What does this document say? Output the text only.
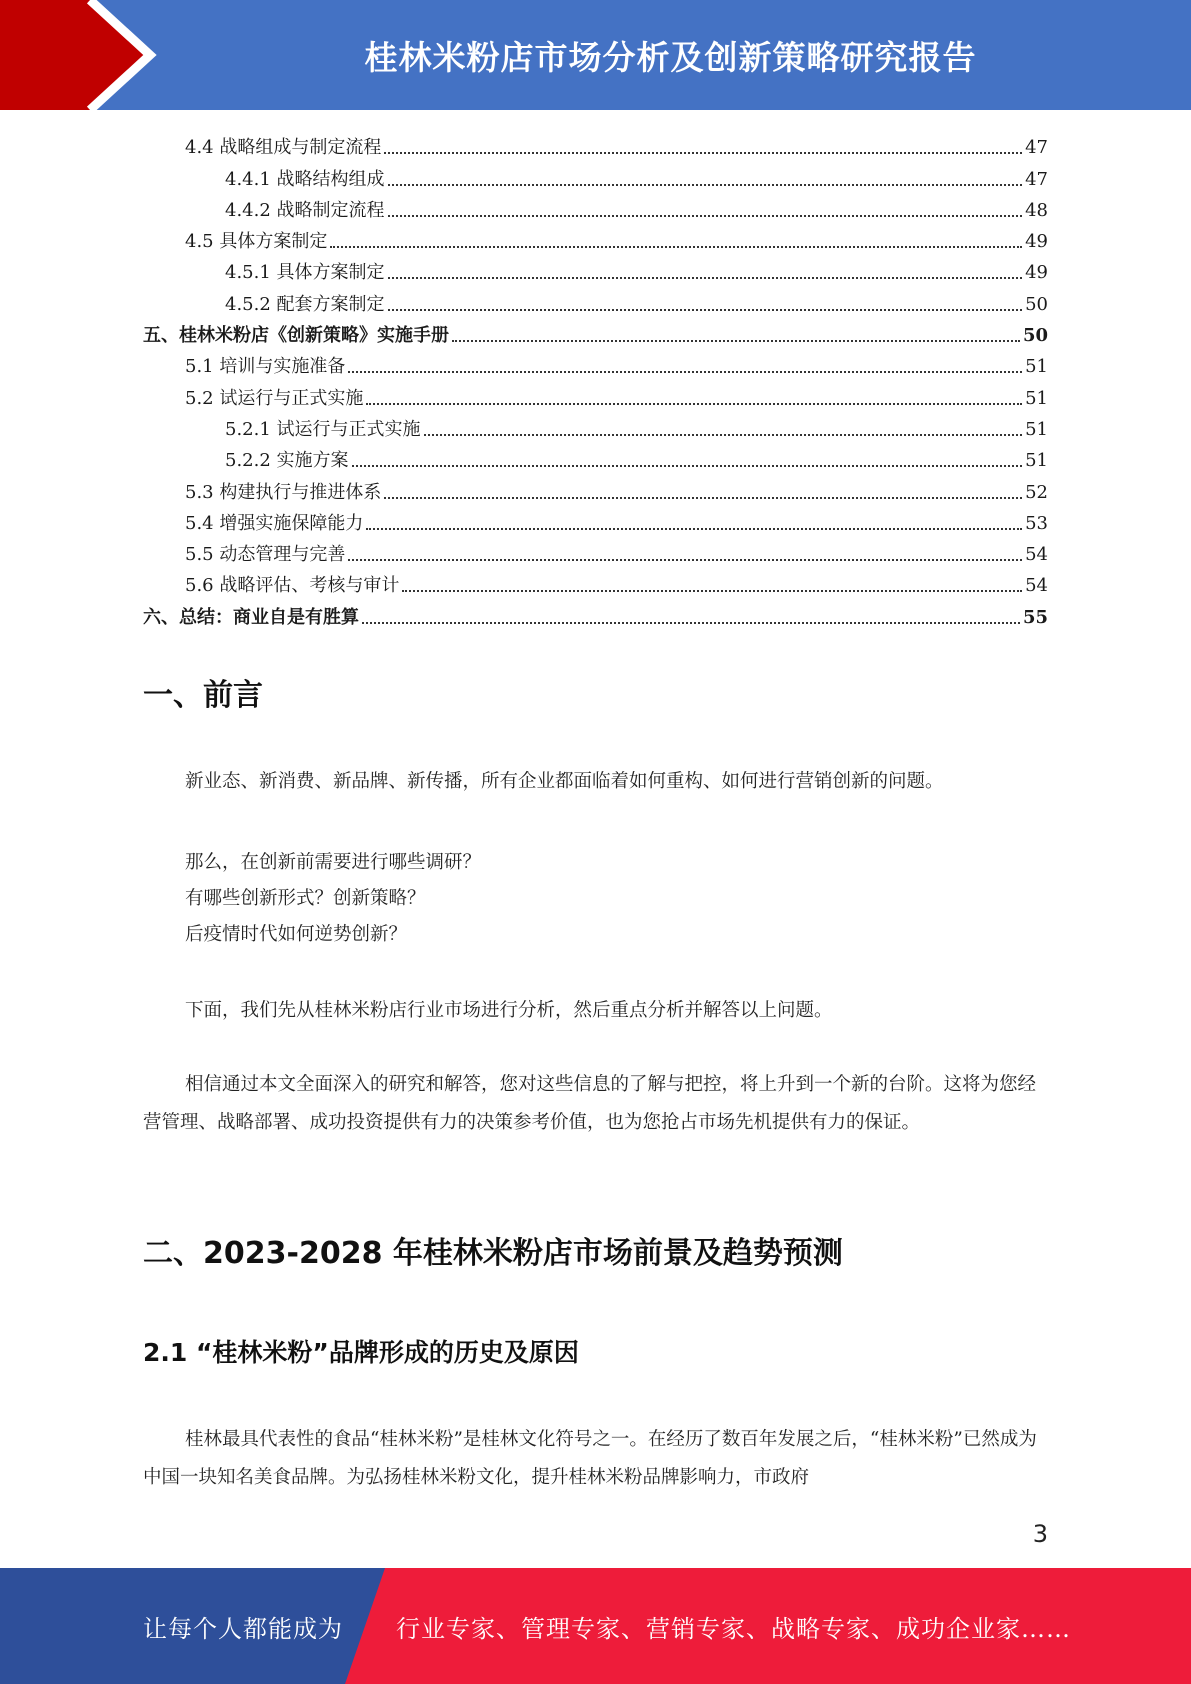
桂林米粉店市场分析及创新策略研究报告
4.4 战略组成与制定流程	47
4.4.1 战略结构组成	47
4.4.2 战略制定流程	48
4.5 具体方案制定	49
4.5.1 具体方案制定	49
4.5.2 配套方案制定	50
五、桂林米粉店《创新策略》实施手册	50
5.1 培训与实施准备	51
5.2 试运行与正式实施	51
5.2.1 试运行与正式实施	51
5.2.2 实施方案	51
5.3 构建执行与推进体系	52
5.4 增强实施保障能力	53
5.5 动态管理与完善	54
5.6 战略评估、考核与审计	54
六、总结：商业自是有胜算	55
一、前言

新业态、新消费、新品牌、新传播，所有企业都面临着如何重构、如何进行营销创新的问题。

那么，在创新前需要进行哪些调研？
有哪些创新形式？创新策略？
后疫情时代如何逆势创新？

下面，我们先从桂林米粉店行业市场进行分析，然后重点分析并解答以上问题。

相信通过本文全面深入的研究和解答，您对这些信息的了解与把控，将上升到一个新的台阶。这将为您经营管理、战略部署、成功投资提供有力的决策参考价值，也为您抢占市场先机提供有力的保证。

二、2023-2028 年桂林米粉店市场前景及趋势预测
2.1 “桂林米粉”品牌形成的历史及原因

桂林最具代表性的食品“桂林米粉”是桂林文化符号之一。在经历了数百年发展之后，“桂林米粉”已然成为中国一块知名美食品牌。为弘扬桂林米粉文化，提升桂林米粉品牌影响力，市政府

3
让每个人都能成为 行业专家、管理专家、营销专家、战略专家、成功企业家……
